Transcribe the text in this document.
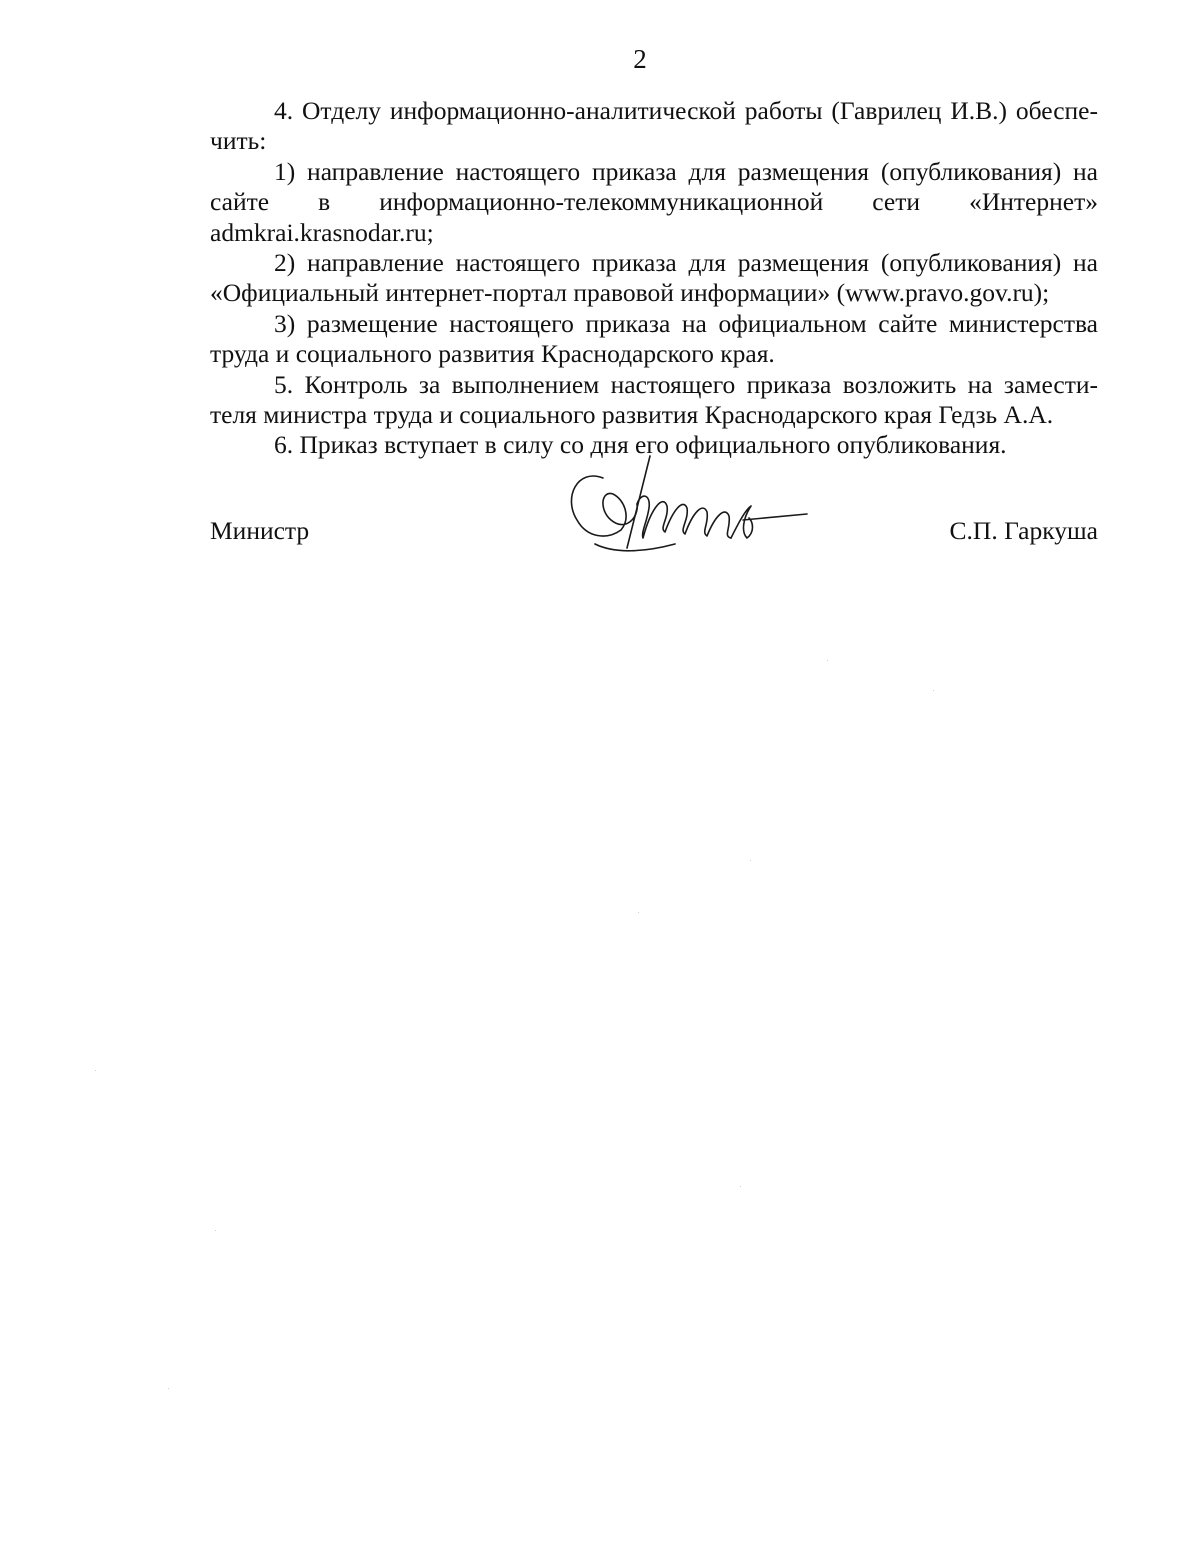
2

4. Отделу информационно-аналитической работы (Гаврилец И.В.) обеспе-
чить:

1) направление настоящего приказа для размещения (опубликования) на
сайте в информационно-телекоммуникационной сети «Интернет»
admkrai.krasnodar.ru;

2) направление настоящего приказа для размещения (опубликования) на
«Официальный интернет-портал правовой информации» (www.pravo.gov.ru);

3) размещение настоящего приказа на официальном сайте министерства
труда и социального развития Краснодарского края.

5. Контроль за выполнением настоящего приказа возложить на замести-
теля министра труда и социального развития Краснодарского края Гедзь А.А.

6. Приказ вступает в силу со дня его официального опубликования.

Министр	С.П. Гаркуша
